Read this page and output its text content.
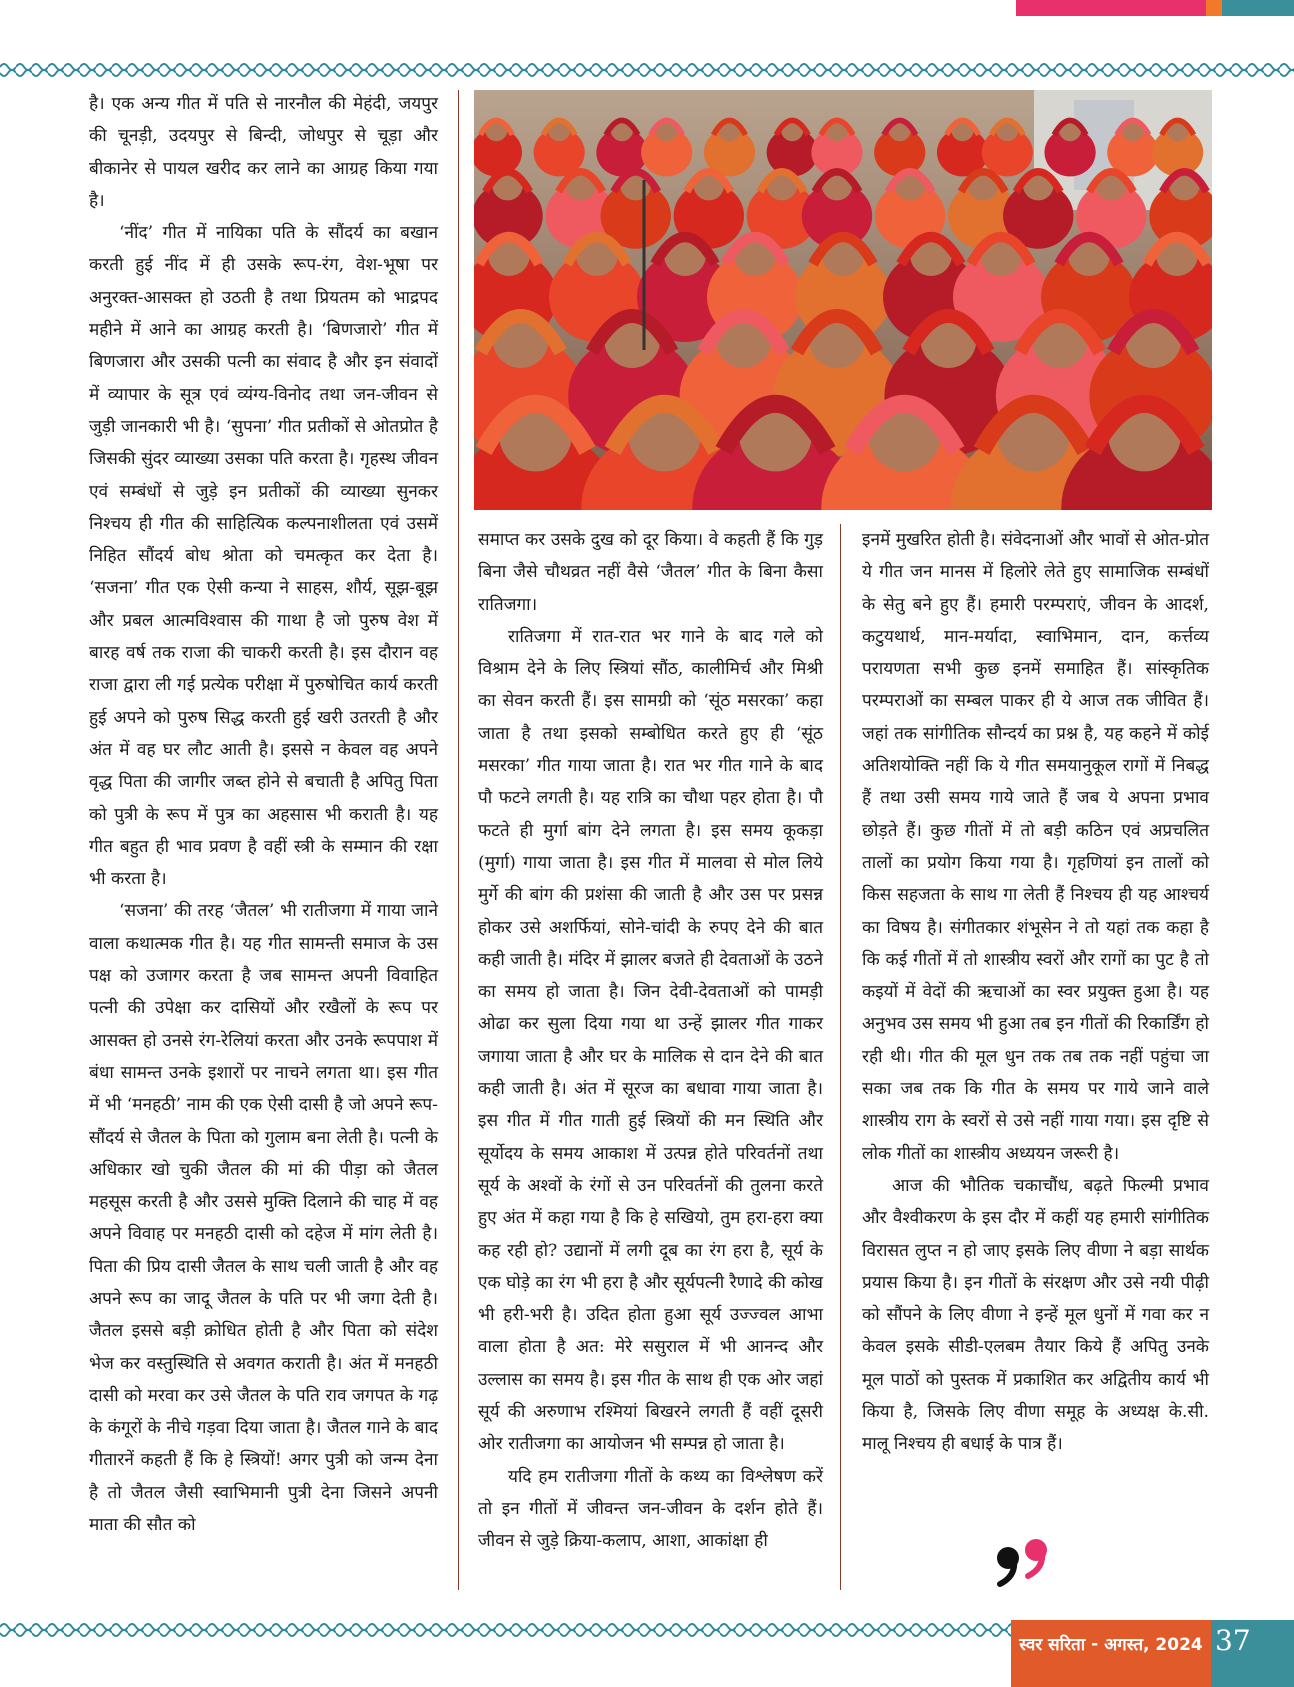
है। एक अन्य गीत में पति से नारनौल की मेहंदी, जयपुर की चूनड़ी, उदयपुर से बिन्दी, जोधपुर से चूड़ा और बीकानेर से पायल खरीद कर लाने का आग्रह किया गया है।

‘नींद’ गीत में नायिका पति के सौंदर्य का बखान करती हुई नींद में ही उसके रूप-रंग, वेश-भूषा पर अनुरक्त-आसक्त हो उठती है तथा प्रियतम को भाद्रपद महीने में आने का आग्रह करती है। ‘बिणजारो’ गीत में बिणजारा और उसकी पत्नी का संवाद है और इन संवादों में व्यापार के सूत्र एवं व्यंग्य-विनोद तथा जन-जीवन से जुड़ी जानकारी भी है। ‘सुपना’ गीत प्रतीकों से ओतप्रोत है जिसकी सुंदर व्याख्या उसका पति करता है। गृहस्थ जीवन एवं सम्बंधों से जुड़े इन प्रतीकों की व्याख्या सुनकर निश्चय ही गीत की साहित्यिक कल्पनाशीलता एवं उसमें निहित सौंदर्य बोध श्रोता को चमत्कृत कर देता है। ‘सजना’ गीत एक ऐसी कन्या ने साहस, शौर्य, सूझ-बूझ और प्रबल आत्मविश्वास की गाथा है जो पुरुष वेश में बारह वर्ष तक राजा की चाकरी करती है। इस दौरान वह राजा द्वारा ली गई प्रत्येक परीक्षा में पुरुषोचित कार्य करती हुई अपने को पुरुष सिद्ध करती हुई खरी उतरती है और अंत में वह घर लौट आती है। इससे न केवल वह अपने वृद्ध पिता की जागीर जब्त होने से बचाती है अपितु पिता को पुत्री के रूप में पुत्र का अहसास भी कराती है। यह गीत बहुत ही भाव प्रवण है वहीं स्त्री के सम्मान की रक्षा भी करता है।

‘सजना’ की तरह ‘जैतल’ भी रातीजगा में गाया जाने वाला कथात्मक गीत है। यह गीत सामन्ती समाज के उस पक्ष को उजागर करता है जब सामन्त अपनी विवाहित पत्नी की उपेक्षा कर दासियों और रखैलों के रूप पर आसक्त हो उनसे रंग-रेलियां करता और उनके रूपपाश में बंधा सामन्त उनके इशारों पर नाचने लगता था। इस गीत में भी ‘मनहठी’ नाम की एक ऐसी दासी है जो अपने रूप-सौंदर्य से जैतल के पिता को गुलाम बना लेती है। पत्नी के अधिकार खो चुकी जैतल की मां की पीड़ा को जैतल महसूस करती है और उससे मुक्ति दिलाने की चाह में वह अपने विवाह पर मनहठी दासी को दहेज में मांग लेती है। पिता की प्रिय दासी जैतल के साथ चली जाती है और वह अपने रूप का जादू जैतल के पति पर भी जगा देती है। जैतल इससे बड़ी क्रोधित होती है और पिता को संदेश भेज कर वस्तुस्थिति से अवगत कराती है। अंत में मनहठी दासी को मरवा कर उसे जैतल के पति राव जगपत के गढ़ के कंगूरों के नीचे गड़वा दिया जाता है। जैतल गाने के बाद गीतारनें कहती हैं कि हे स्त्रियों! अगर पुत्री को जन्म देना है तो जैतल जैसी स्वाभिमानी पुत्री देना जिसने अपनी माता की सौत को

समाप्त कर उसके दुख को दूर किया। वे कहती हैं कि गुड़ बिना जैसे चौथव्रत नहीं वैसे ‘जैतल’ गीत के बिना कैसा रातिजगा।

रातिजगा में रात-रात भर गाने के बाद गले को विश्राम देने के लिए स्त्रियां सौंठ, कालीमिर्च और मिश्री का सेवन करती हैं। इस सामग्री को ‘सूंठ मसरका’ कहा जाता है तथा इसको सम्बोधित करते हुए ही ‘सूंठ मसरका’ गीत गाया जाता है। रात भर गीत गाने के बाद पौ फटने लगती है। यह रात्रि का चौथा पहर होता है। पौ फटते ही मुर्गा बांग देने लगता है। इस समय कूकड़ा (मुर्गा) गाया जाता है। इस गीत में मालवा से मोल लिये मुर्गे की बांग की प्रशंसा की जाती है और उस पर प्रसन्न होकर उसे अशर्फियां, सोने-चांदी के रुपए देने की बात कही जाती है। मंदिर में झालर बजते ही देवताओं के उठने का समय हो जाता है। जिन देवी-देवताओं को पामड़ी ओढा कर सुला दिया गया था उन्हें झालर गीत गाकर जगाया जाता है और घर के मालिक से दान देने की बात कही जाती है। अंत में सूरज का बधावा गाया जाता है। इस गीत में गीत गाती हुई स्त्रियों की मन स्थिति और सूर्योदय के समय आकाश में उत्पन्न होते परिवर्तनों तथा सूर्य के अश्वों के रंगों से उन परिवर्तनों की तुलना करते हुए अंत में कहा गया है कि हे सखियो, तुम हरा-हरा क्या कह रही हो? उद्यानों में लगी दूब का रंग हरा है, सूर्य के एक घोड़े का रंग भी हरा है और सूर्यपत्नी रैणादे की कोख भी हरी-भरी है। उदित होता हुआ सूर्य उज्ज्वल आभा वाला होता है अत: मेरे ससुराल में भी आनन्द और उल्लास का समय है। इस गीत के साथ ही एक ओर जहां सूर्य की अरुणाभ रश्मियां बिखरने लगती हैं वहीं दूसरी ओर रातीजगा का आयोजन भी सम्पन्न हो जाता है।

यदि हम रातीजगा गीतों के कथ्य का विश्लेषण करें तो इन गीतों में जीवन्त जन-जीवन के दर्शन होते हैं। जीवन से जुड़े क्रिया-कलाप, आशा, आकांक्षा ही

इनमें मुखरित होती है। संवेदनाओं और भावों से ओत-प्रोत ये गीत जन मानस में हिलोरे लेते हुए सामाजिक सम्बंधों के सेतु बने हुए हैं। हमारी परम्पराएं, जीवन के आदर्श, कटुयथार्थ, मान-मर्यादा, स्वाभिमान, दान, कर्त्तव्य परायणता सभी कुछ इनमें समाहित हैं। सांस्कृतिक परम्पराओं का सम्बल पाकर ही ये आज तक जीवित हैं। जहां तक सांगीतिक सौन्दर्य का प्रश्न है, यह कहने में कोई अतिशयोक्ति नहीं कि ये गीत समयानुकूल रागों में निबद्ध हैं तथा उसी समय गाये जाते हैं जब ये अपना प्रभाव छोड़ते हैं। कुछ गीतों में तो बड़ी कठिन एवं अप्रचलित तालों का प्रयोग किया गया है। गृहणियां इन तालों को किस सहजता के साथ गा लेती हैं निश्चय ही यह आश्चर्य का विषय है। संगीतकार शंभूसेन ने तो यहां तक कहा है कि कई गीतों में तो शास्त्रीय स्वरों और रागों का पुट है तो कइयों में वेदों की ऋचाओं का स्वर प्रयुक्त हुआ है। यह अनुभव उस समय भी हुआ तब इन गीतों की रिकार्डिंग हो रही थी। गीत की मूल धुन तक तब तक नहीं पहुंचा जा सका जब तक कि गीत के समय पर गाये जाने वाले शास्त्रीय राग के स्वरों से उसे नहीं गाया गया। इस दृष्टि से लोक गीतों का शास्त्रीय अध्ययन जरूरी है।

आज की भौतिक चकाचौंध, बढ़ते फिल्मी प्रभाव और वैश्वीकरण के इस दौर में कहीं यह हमारी सांगीतिक विरासत लुप्त न हो जाए इसके लिए वीणा ने बड़ा सार्थक प्रयास किया है। इन गीतों के संरक्षण और उसे नयी पीढ़ी को सौंपने के लिए वीणा ने इन्हें मूल धुनों में गवा कर न केवल इसके सीडी-एलबम तैयार किये हैं अपितु उनके मूल पाठों को पुस्तक में प्रकाशित कर अद्वितीय कार्य भी किया है, जिसके लिए वीणा समूह के अध्यक्ष के.सी. मालू निश्चय ही बधाई के पात्र हैं।

स्वर सरिता - अगस्त, 2024 37
